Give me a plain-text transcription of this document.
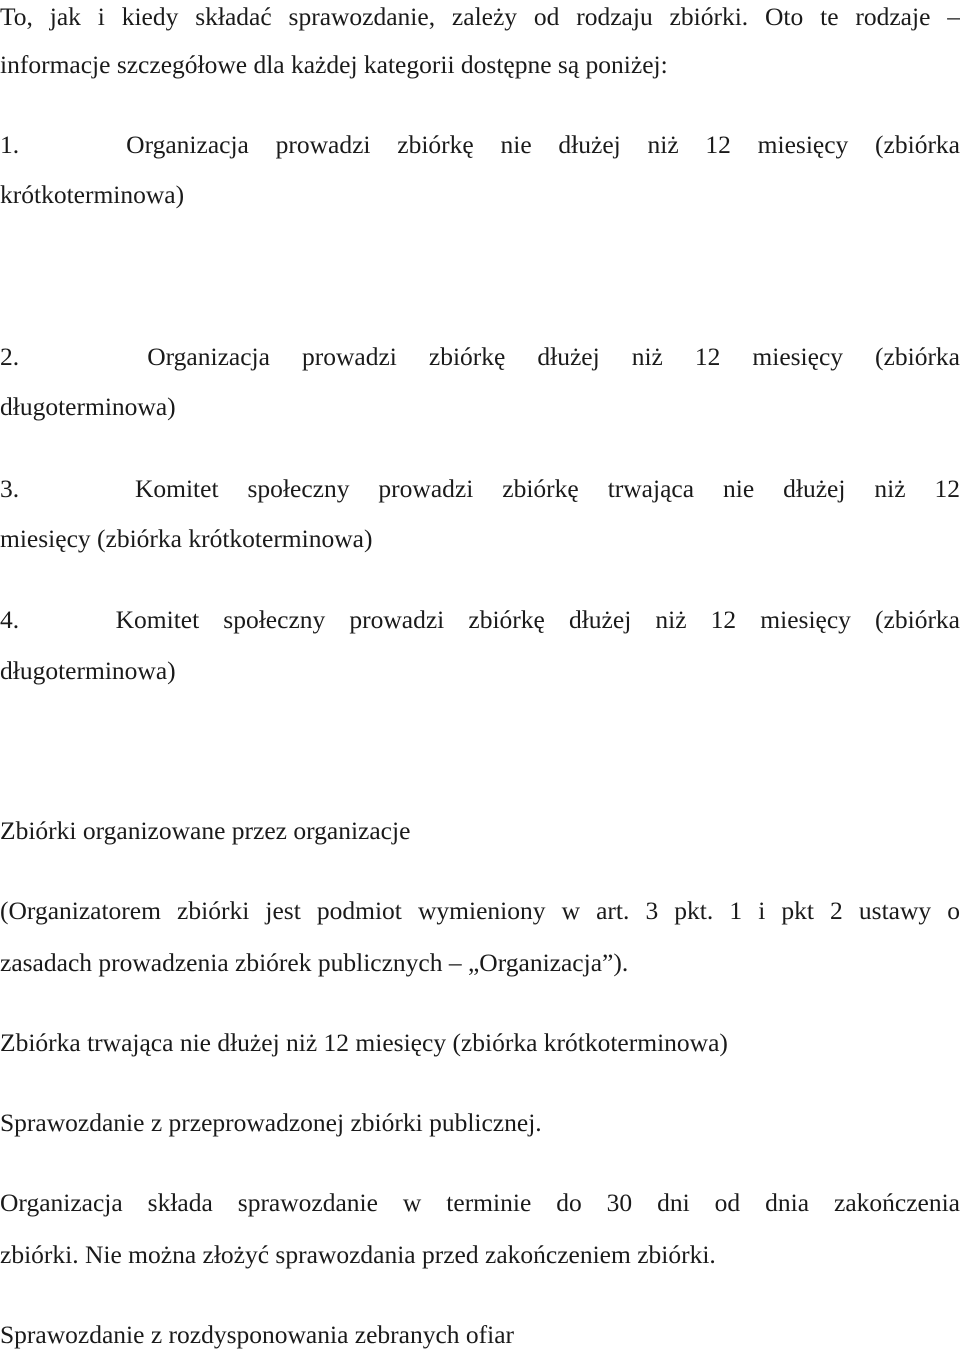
To, jak i kiedy składać sprawozdanie, zależy od rodzaju zbiórki. Oto te rodzaje –
informacje szczegółowe dla każdej kategorii dostępne są poniżej:
1.	Organizacja prowadzi zbiórkę nie dłużej niż 12 miesięcy (zbiórka
krótkoterminowa)
2.	Organizacja prowadzi zbiórkę dłużej niż 12 miesięcy (zbiórka
długoterminowa)
3.	Komitet społeczny prowadzi zbiórkę trwająca nie dłużej niż 12
miesięcy (zbiórka krótkoterminowa)
4.	Komitet społeczny prowadzi zbiórkę dłużej niż 12 miesięcy (zbiórka
długoterminowa)
Zbiórki organizowane przez organizacje
(Organizatorem zbiórki jest podmiot wymieniony w art. 3 pkt. 1 i pkt 2 ustawy o
zasadach prowadzenia zbiórek publicznych – „Organizacja”).
Zbiórka trwająca nie dłużej niż 12 miesięcy (zbiórka krótkoterminowa)
Sprawozdanie z przeprowadzonej zbiórki publicznej.
Organizacja składa sprawozdanie w terminie do 30 dni od dnia zakończenia
zbiórki. Nie można złożyć sprawozdania przed zakończeniem zbiórki.
Sprawozdanie z rozdysponowania zebranych ofiar
